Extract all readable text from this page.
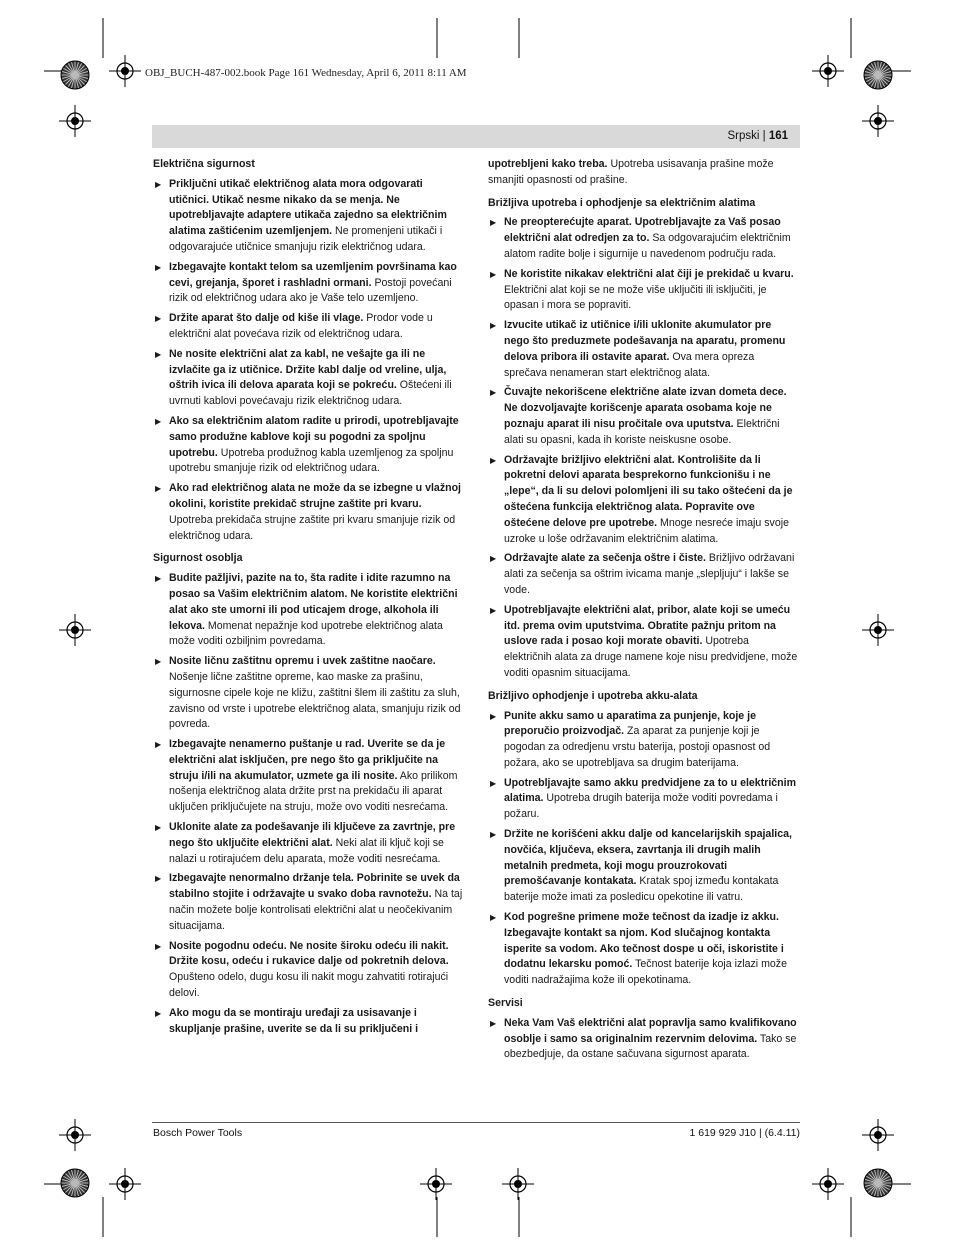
OBJ_BUCH-487-002.book Page 161 Wednesday, April 6, 2011 8:11 AM
Srpski | 161
Električna sigurnost
▶ Priključni utikač električnog alata mora odgovarati utičnici. Utikač nesme nikako da se menja. Ne upotrebljavajte adaptere utikača zajedno sa električnim alatima zaštićenim uzemljenjem. Ne promenjeni utikači i odgovarajuće utičnice smanjuju rizik električnog udara.
▶ Izbegavajte kontakt telom sa uzemljenim površinama kao cevi, grejanja, šporet i rashladni ormani. Postoji povećani rizik od električnog udara ako je Vaše telo uzemljeno.
▶ Držite aparat što dalje od kiše ili vlage. Prodor vode u električni alat povećava rizik od električnog udara.
▶ Ne nosite električni alat za kabl, ne vešajte ga ili ne izvlačite ga iz utičnice. Držite kabl dalje od vreline, ulja, oštrih ivica ili delova aparata koji se pokreću. Oštećeni ili uvrnuti kablovi povećavaju rizik električnog udara.
▶ Ako sa električnim alatom radite u prirodi, upotrebljavajte samo produžne kablove koji su pogodni za spoljnu upotrebu. Upotreba produžnog kabla uzemljenog za spoljnu upotrebu smanjuje rizik od električnog udara.
▶ Ako rad električnog alata ne može da se izbegne u vlažnoj okolini, koristite prekidač strujne zaštite pri kvaru. Upotreba prekidača strujne zaštite pri kvaru smanjuje rizik od električnog udara.
Sigurnost osoblja
▶ Budite pažljivi, pazite na to, šta radite i idite razumno na posao sa Vašim električnim alatom. Ne koristite električni alat ako ste umorni ili pod uticajem droge, alkohola ili lekova. Momenat nepažnje kod upotrebe električnog alata može voditi ozbiljnim povredama.
▶ Nosite ličnu zaštitnu opremu i uvek zaštitne naočare. Nošenje lične zaštitne opreme, kao maske za prašinu, sigurnosne cipele koje ne kližu, zaštitni šlem ili zaštitu za sluh, zavisno od vrste i upotrebe električnog alata, smanjuju rizik od povreda.
▶ Izbegavajte nenamerno puštanje u rad. Uverite se da je električni alat isključen, pre nego što ga priključite na struju i/ili na akumulator, uzmete ga ili nosite. Ako prilikom nošenja električnog alata držite prst na prekidaču ili aparat uključen priključujete na struju, može ovo voditi nesrećama.
▶ Uklonite alate za podešavanje ili ključeve za zavrtnje, pre nego što uključite električni alat. Neki alat ili ključ koji se nalazi u rotirajućem delu aparata, može voditi nesrećama.
▶ Izbegavajte nenormalno držanje tela. Pobrinite se uvek da stabilno stojite i održavajte u svako doba ravnotežu. Na taj način možete bolje kontrolisati električni alat u neočekivanim situacijama.
▶ Nosite pogodnu odeću. Ne nosite široku odeću ili nakit. Držite kosu, odeću i rukavice dalje od pokretnih delova. Opušteno odelo, dugu kosu ili nakit mogu zahvatiti rotirajući delovi.
▶ Ako mogu da se montiraju uređaji za usisavanje i skupljanje prašine, uverite se da li su priključeni i
upotrebljeni kako treba. Upotreba usisavanja prašine može smanjiti opasnosti od prašine.
Brižljiva upotreba i ophodjenje sa električnim alatima
▶ Ne preopterećujte aparat. Upotrebljavajte za Vaš posao električni alat odredjen za to. Sa odgovarajućim električnim alatom radite bolje i sigurnije u navedenom području rada.
▶ Ne koristite nikakav električni alat čiji je prekidač u kvaru. Električni alat koji se ne može više uključiti ili isključiti, je opasan i mora se popraviti.
▶ Izvucite utikač iz utičnice i/ili uklonite akumulator pre nego što preduzmete podešavanja na aparatu, promenu delova pribora ili ostavite aparat. Ova mera opreza sprečava nenameran start električnog alata.
▶ Čuvajte nekorišcene električne alate izvan dometa dece. Ne dozvoljavajte korišcenje aparata osobama koje ne poznaju aparat ili nisu pročitale ova uputstva. Električni alati su opasni, kada ih koriste neiskusne osobe.
▶ Održavajte brižljivo električni alat. Kontrolišite da li pokretni delovi aparata besprekorno funkcionišu i ne „lepe“, da li su delovi polomljeni ili su tako oštećeni da je oštećena funkcija električnog alata. Popravite ove oštećene delove pre upotrebe. Mnoge nesreće imaju svoje uzroke u loše održavanim električnim alatima.
▶ Održavajte alate za sečenja oštre i čiste. Brižljivo održavani alati za sečenja sa oštrim ivicama manje „slepljuju“ i lakše se vode.
▶ Upotrebljavajte električni alat, pribor, alate koji se umeću itd. prema ovim uputstvima. Obratite pažnju pritom na uslove rada i posao koji morate obaviti. Upotreba električnih alata za druge namene koje nisu predvidjene, može voditi opasnim situacijama.
Brižljivo ophodjenje i upotreba akku-alata
▶ Punite akku samo u aparatima za punjenje, koje je preporučio proizvodjač. Za aparat za punjenje koji je pogodan za odredjenu vrstu baterija, postoji opasnost od požara, ako se upotrebljava sa drugim baterijama.
▶ Upotrebljavajte samo akku predvidjene za to u električnim alatima. Upotreba drugih baterija može voditi povredama i požaru.
▶ Držite ne korišćeni akku dalje od kancelarijskih spajalica, novčića, ključeva, eksera, zavrtanja ili drugih malih metalnih predmeta, koji mogu prouzrokovati premošćavanje kontakata. Kratak spoj između kontakata baterije može imati za posledicu opekotine ili vatru.
▶ Kod pogrešne primene može tečnost da izadje iz akku. Izbegavajte kontakt sa njom. Kod slučajnog kontakta isperite sa vodom. Ako tečnost dospe u oči, iskoristite i dodatnu lekarsku pomoć. Tečnost baterije koja izlazi može voditi nadražajima kože ili opekotinama.
Servisi
▶ Neka Vam Vaš električni alat popravlja samo kvalifikovano osoblje i samo sa originalnim rezervnim delovima. Tako se obezbedjuje, da ostane sačuvana sigurnost aparata.
Bosch Power Tools	1 619 929 J10 | (6.4.11)
